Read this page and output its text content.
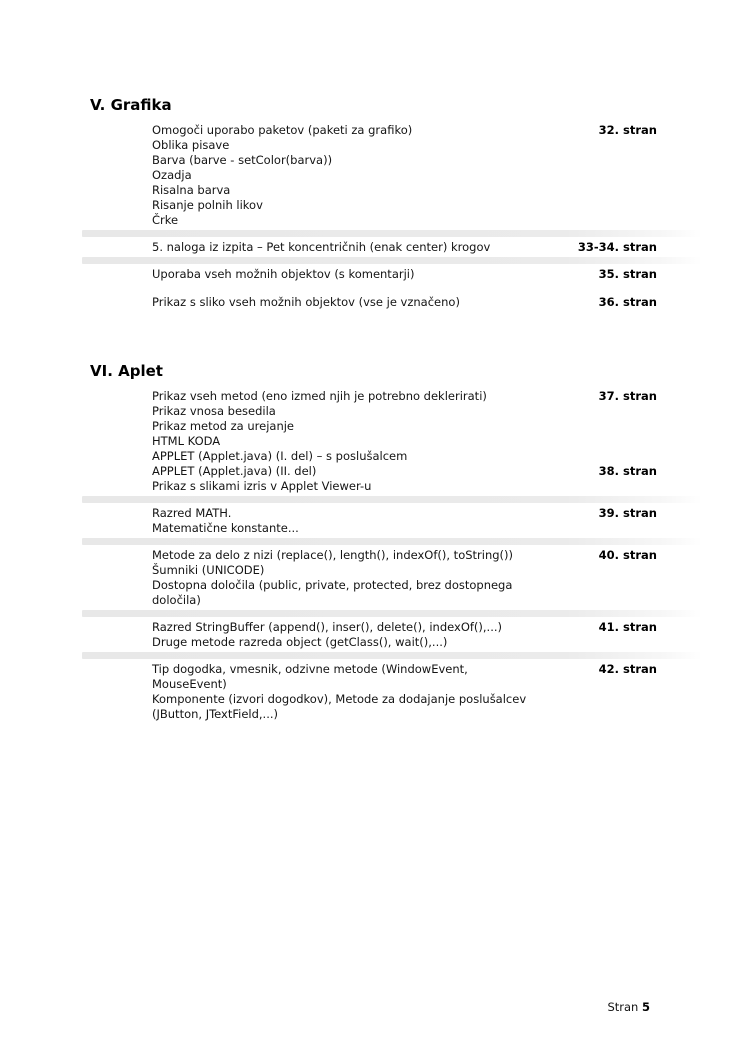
V. Grafika
Omogoči uporabo paketov (paketi za grafiko)	32. stran
Oblika pisave
Barva (barve - setColor(barva))
Ozadja
Risalna barva
Risanje polnih likov
Črke
5. naloga iz izpita – Pet koncentričnih (enak center) krogov	33-34. stran
Uporaba vseh možnih objektov (s komentarji)	35. stran
Prikaz s sliko vseh možnih objektov (vse je vznačeno)	36. stran
VI. Aplet
Prikaz vseh metod (eno izmed njih je potrebno deklerirati)	37. stran
Prikaz vnosa besedila
Prikaz metod za urejanje
HTML KODA
APPLET (Applet.java) (I. del) – s poslušalcem
APPLET (Applet.java) (II. del)	38. stran
Prikaz s slikami izris v Applet Viewer-u
Razred MATH.	39. stran
Matematične konstante...
Metode za delo z nizi (replace(), length(), indexOf(), toString())	40. stran
Šumniki (UNICODE)
Dostopna določila (public, private, protected, brez dostopnega
določila)
Razred StringBuffer (append(), inser(), delete(), indexOf(),...)	41. stran
Druge metode razreda object (getClass(), wait(),...)
Tip dogodka, vmesnik, odzivne metode (WindowEvent,	42. stran
MouseEvent)
Komponente (izvori dogodkov), Metode za dodajanje poslušalcev
(JButton, JTextField,...)
Stran 5
